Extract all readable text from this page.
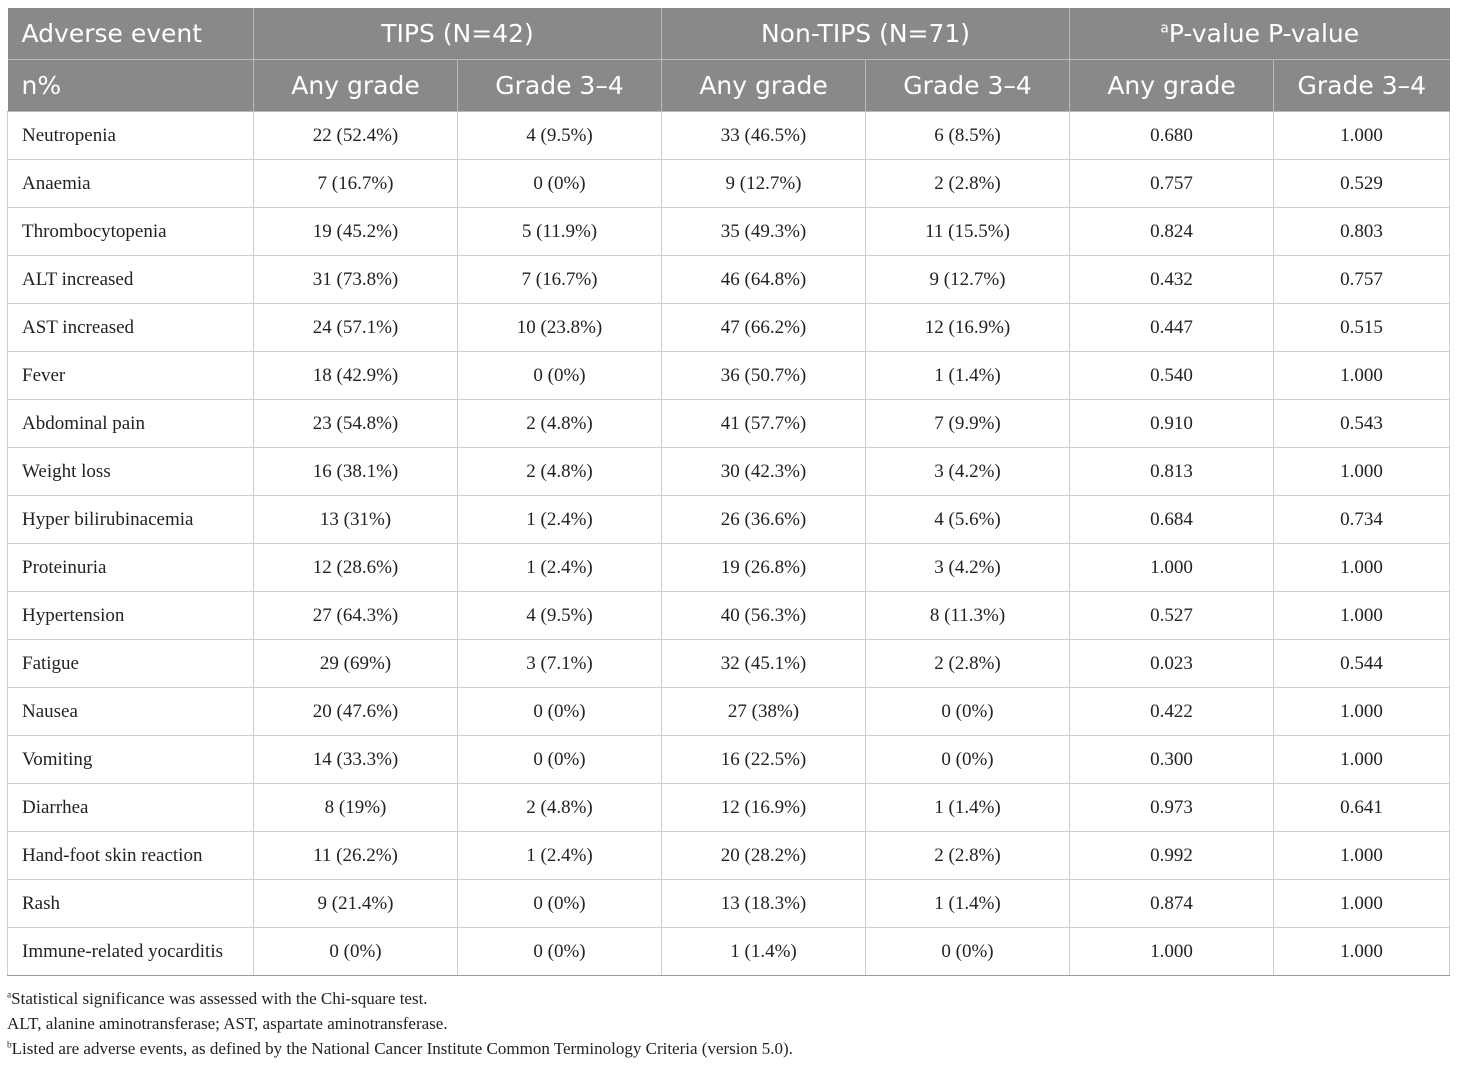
Adverse event	TIPS (N=42)		Non-TIPS (N=71)		$^a$P-value P-value	
n%	Any grade	Grade 3–4	Any grade	Grade 3–4	Any grade	Grade 3–4
Neutropenia	22 (52.4%)	4 (9.5%)	33 (46.5%)	6 (8.5%)	0.680	1.000
Anaemia	7 (16.7%)	0 (0%)	9 (12.7%)	2 (2.8%)	0.757	0.529
Thrombocytopenia	19 (45.2%)	5 (11.9%)	35 (49.3%)	11 (15.5%)	0.824	0.803
ALT increased	31 (73.8%)	7 (16.7%)	46 (64.8%)	9 (12.7%)	0.432	0.757
AST increased	24 (57.1%)	10 (23.8%)	47 (66.2%)	12 (16.9%)	0.447	0.515
Fever	18 (42.9%)	0 (0%)	36 (50.7%)	1 (1.4%)	0.540	1.000
Abdominal pain	23 (54.8%)	2 (4.8%)	41 (57.7%)	7 (9.9%)	0.910	0.543
Weight loss	16 (38.1%)	2 (4.8%)	30 (42.3%)	3 (4.2%)	0.813	1.000
Hyper bilirubinacemia	13 (31%)	1 (2.4%)	26 (36.6%)	4 (5.6%)	0.684	0.734
Proteinuria	12 (28.6%)	1 (2.4%)	19 (26.8%)	3 (4.2%)	1.000	1.000
Hypertension	27 (64.3%)	4 (9.5%)	40 (56.3%)	8 (11.3%)	0.527	1.000
Fatigue	29 (69%)	3 (7.1%)	32 (45.1%)	2 (2.8%)	0.023	0.544
Nausea	20 (47.6%)	0 (0%)	27 (38%)	0 (0%)	0.422	1.000
Vomiting	14 (33.3%)	0 (0%)	16 (22.5%)	0 (0%)	0.300	1.000
Diarrhea	8 (19%)	2 (4.8%)	12 (16.9%)	1 (1.4%)	0.973	0.641
Hand-foot skin reaction	11 (26.2%)	1 (2.4%)	20 (28.2%)	2 (2.8%)	0.992	1.000
Rash	9 (21.4%)	0 (0%)	13 (18.3%)	1 (1.4%)	0.874	1.000
Immune-related yocarditis	0 (0%)	0 (0%)	1 (1.4%)	0 (0%)	1.000	1.000
$^a$Statistical significance was assessed with the Chi-square test.
ALT, alanine aminotransferase; AST, aspartate aminotransferase.
$^b$Listed are adverse events, as defined by the National Cancer Institute Common Terminology Criteria (version 5.0).
